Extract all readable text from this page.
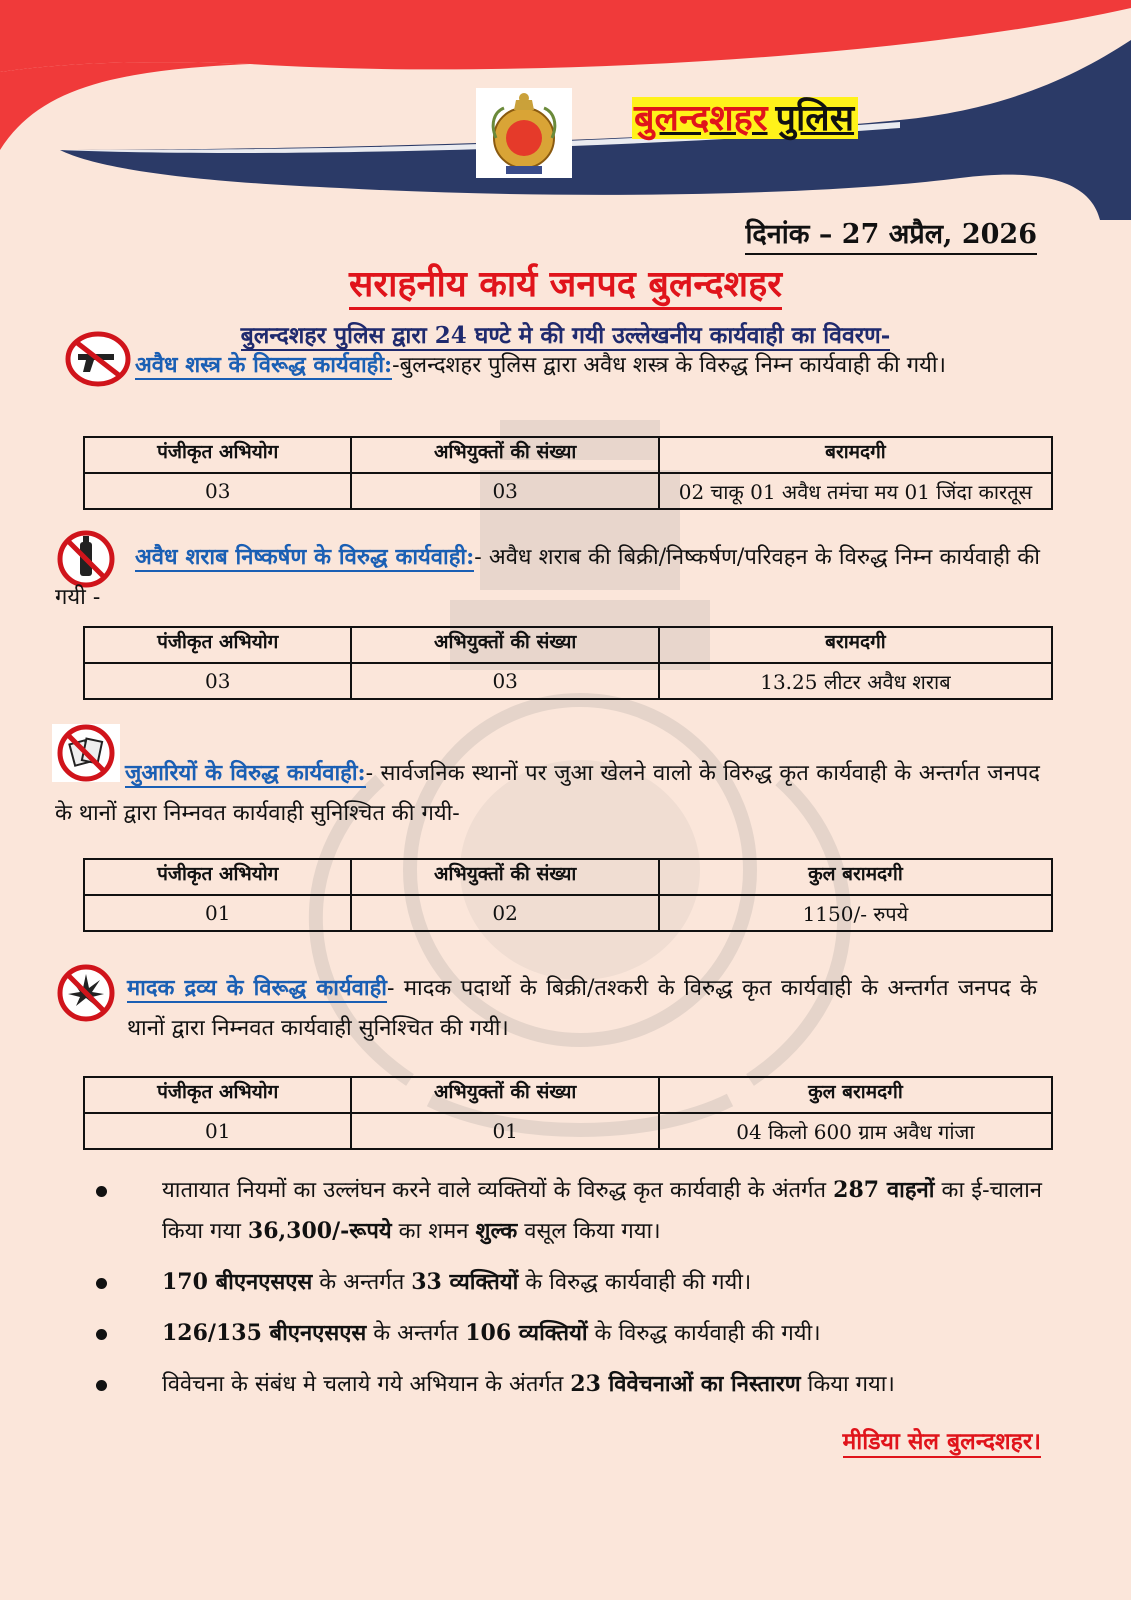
बुलन्दशहर पुलिस
दिनांक – 27 अप्रैल, 2026
सराहनीय कार्य जनपद बुलन्दशहर
बुलन्दशहर पुलिस द्वारा 24 घण्टे मे की गयी उल्लेखनीय कार्यवाही का विवरण-

अवैध शस्त्र के विरूद्ध कार्यवाही:-बुलन्दशहर पुलिस द्वारा अवैध शस्त्र के विरुद्ध निम्न कार्यवाही की गयी।

पंजीकृत अभियोग	अभियुक्तों की संख्या	बरामदगी
03	03	02 चाकू 01 अवैध तमंचा मय 01 जिंदा कारतूस

अवैध शराब निष्कर्षण के विरुद्ध कार्यवाही:- अवैध शराब की बिक्री/निष्कर्षण/परिवहन के विरुद्ध निम्न कार्यवाही की गयी -

पंजीकृत अभियोग	अभियुक्तों की संख्या	बरामदगी
03	03	13.25 लीटर अवैध शराब

जुआरियों के विरुद्ध कार्यवाही:- सार्वजनिक स्थानों पर जुआ खेलने वालो के विरुद्ध कृत कार्यवाही के अन्तर्गत जनपद के थानों द्वारा निम्नवत कार्यवाही सुनिश्चित की गयी-

पंजीकृत अभियोग	अभियुक्तों की संख्या	कुल बरामदगी
01	02	1150/- रुपये

मादक द्रव्य के विरूद्ध कार्यवाही- मादक पदार्थो के बिक्री/तश्करी के विरुद्ध कृत कार्यवाही के अन्तर्गत जनपद के थानों द्वारा निम्नवत कार्यवाही सुनिश्चित की गयी।

पंजीकृत अभियोग	अभियुक्तों की संख्या	कुल बरामदगी
01	01	04 किलो 600 ग्राम अवैध गांजा
यातायात नियमों का उल्लंघन करने वाले व्यक्तियों के विरुद्ध कृत कार्यवाही के अंतर्गत 287 वाहनों का ई-चालान किया गया 36,300/-रूपये का शमन शुल्क वसूल किया गया।
170 बीएनएसएस के अन्तर्गत 33 व्यक्तियों के विरुद्ध कार्यवाही की गयी।
126/135 बीएनएसएस के अन्तर्गत 106 व्यक्तियों के विरुद्ध कार्यवाही की गयी।
विवेचना के संबंध मे चलाये गये अभियान के अंतर्गत 23 विवेचनाओं का निस्तारण किया गया।
मीडिया सेल बुलन्दशहर।
